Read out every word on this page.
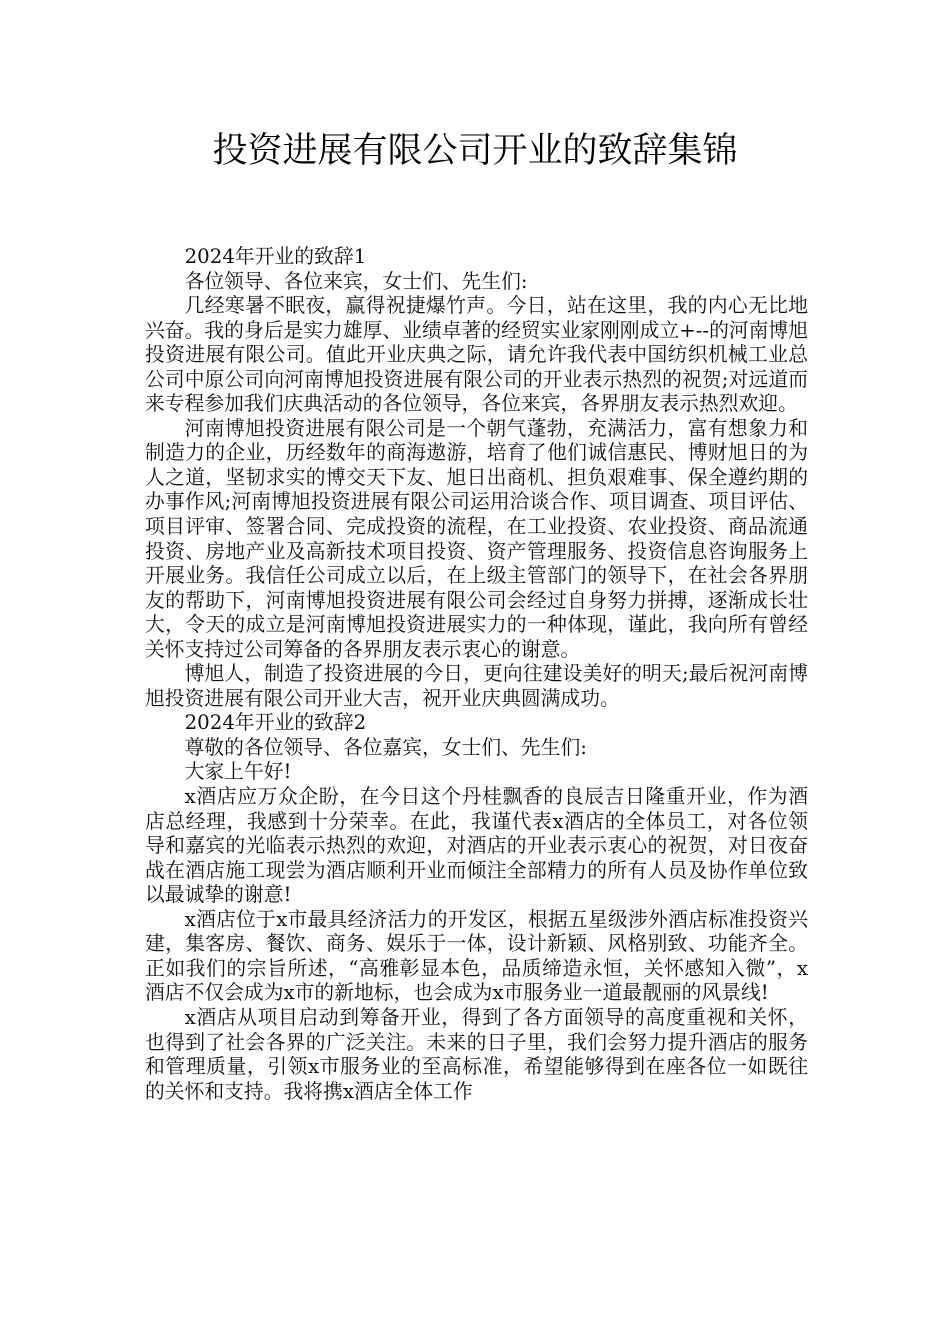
投资进展有限公司开业的致辞集锦

2024年开业的致辞1

各位领导、各位来宾，女士们、先生们:

几经寒暑不眠夜，赢得祝捷爆竹声。今日，站在这里，我的内心无比地兴奋。我的身后是实力雄厚、业绩卓著的经贸实业家刚刚成立+--的河南博旭投资进展有限公司。值此开业庆典之际，请允许我代表中国纺织机械工业总公司中原公司向河南博旭投资进展有限公司的开业表示热烈的祝贺;对远道而来专程参加我们庆典活动的各位领导，各位来宾，各界朋友表示热烈欢迎。

河南博旭投资进展有限公司是一个朝气蓬勃，充满活力，富有想象力和制造力的企业，历经数年的商海遨游，培育了他们诚信惠民、博财旭日的为人之道，坚韧求实的博交天下友、旭日出商机、担负艰难事、保全遵约期的办事作风;河南博旭投资进展有限公司运用洽谈合作、项目调查、项目评估、项目评审、签署合同、完成投资的流程，在工业投资、农业投资、商品流通投资、房地产业及高新技术项目投资、资产管理服务、投资信息咨询服务上开展业务。我信任公司成立以后，在上级主管部门的领导下，在社会各界朋友的帮助下，河南博旭投资进展有限公司会经过自身努力拼搏，逐渐成长壮大，令天的成立是河南博旭投资进展实力的一种体现，谨此，我向所有曾经关怀支持过公司筹备的各界朋友表示衷心的谢意。

博旭人，制造了投资进展的今日，更向往建设美好的明天;最后祝河南博旭投资进展有限公司开业大吉，祝开业庆典圆满成功。

2024年开业的致辞2

尊敬的各位领导、各位嘉宾，女士们、先生们:

大家上午好!

x酒店应万众企盼，在今日这个丹桂飘香的良辰吉日隆重开业，作为酒店总经理，我感到十分荣幸。在此，我谨代表x酒店的全体员工，对各位领导和嘉宾的光临表示热烈的欢迎，对酒店的开业表示衷心的祝贺，对日夜奋战在酒店施工现尝为酒店顺利开业而倾注全部精力的所有人员及协作单位致以最诚挚的谢意!

x酒店位于x市最具经济活力的开发区，根据五星级涉外酒店标准投资兴建，集客房、餐饮、商务、娱乐于一体，设计新颖、风格别致、功能齐全。正如我们的宗旨所述，“高雅彰显本色，品质缔造永恒，关怀感知入微”，x酒店不仅会成为x市的新地标，也会成为x市服务业一道最靓丽的风景线!

x酒店从项目启动到筹备开业，得到了各方面领导的高度重视和关怀，也得到了社会各界的广泛关注。未来的日子里，我们会努力提升酒店的服务和管理质量，引领x市服务业的至高标准，希望能够得到在座各位一如既往的关怀和支持。我将携x酒店全体工作
